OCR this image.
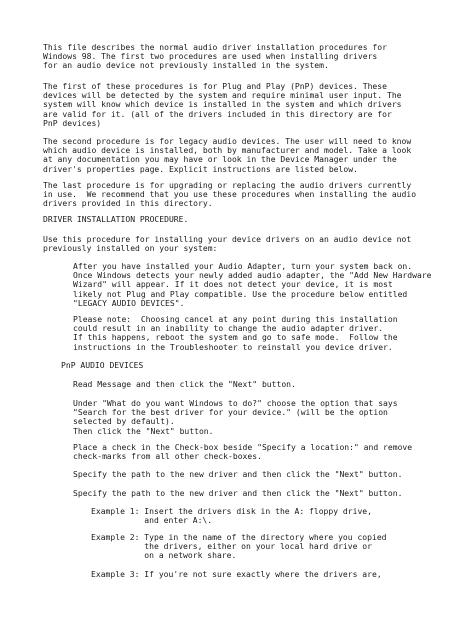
This file describes the normal audio driver installation procedures for
Windows 98. The first two procedures are used when installing drivers
for an audio device not previously installed in the system.
The first of these procedures is for Plug and Play (PnP) devices. These
devices will be detected by the system and require minimal user input. The
system will know which device is installed in the system and which drivers
are valid for it. (all of the drivers included in this directory are for
PnP devices)
The second procedure is for legacy audio devices. The user will need to know
which audio device is installed, both by manufacturer and model. Take a look
at any documentation you may have or look in the Device Manager under the
driver's properties page. Explicit instructions are listed below.
The last procedure is for upgrading or replacing the audio drivers currently
in use.  We recommend that you use these procedures when installing the audio
drivers provided in this directory.
DRIVER INSTALLATION PROCEDURE.
Use this procedure for installing your device drivers on an audio device not
previously installed on your system:
After you have installed your Audio Adapter, turn your system back on.
Once Windows detects your newly added audio adapter, the "Add New Hardware
Wizard" will appear. If it does not detect your device, it is most
likely not Plug and Play compatible. Use the procedure below entitled
"LEGACY AUDIO DEVICES".
Please note:  Choosing cancel at any point during this installation
could result in an inability to change the audio adapter driver.
If this happens, reboot the system and go to safe mode.  Follow the
instructions in the Troubleshooter to reinstall you device driver.
PnP AUDIO DEVICES
Read Message and then click the "Next" button.
Under "What do you want Windows to do?" choose the option that says
"Search for the best driver for your device." (will be the option
selected by default).
Then click the "Next" button.
Place a check in the Check-box beside "Specify a location:" and remove
check-marks from all other check-boxes.
Specify the path to the new driver and then click the "Next" button.
Specify the path to the new driver and then click the "Next" button.
Example 1: Insert the drivers disk in the A: floppy drive,
and enter A:\.
Example 2: Type in the name of the directory where you copied
the drivers, either on your local hard drive or
on a network share.
Example 3: If you're not sure exactly where the drivers are,
